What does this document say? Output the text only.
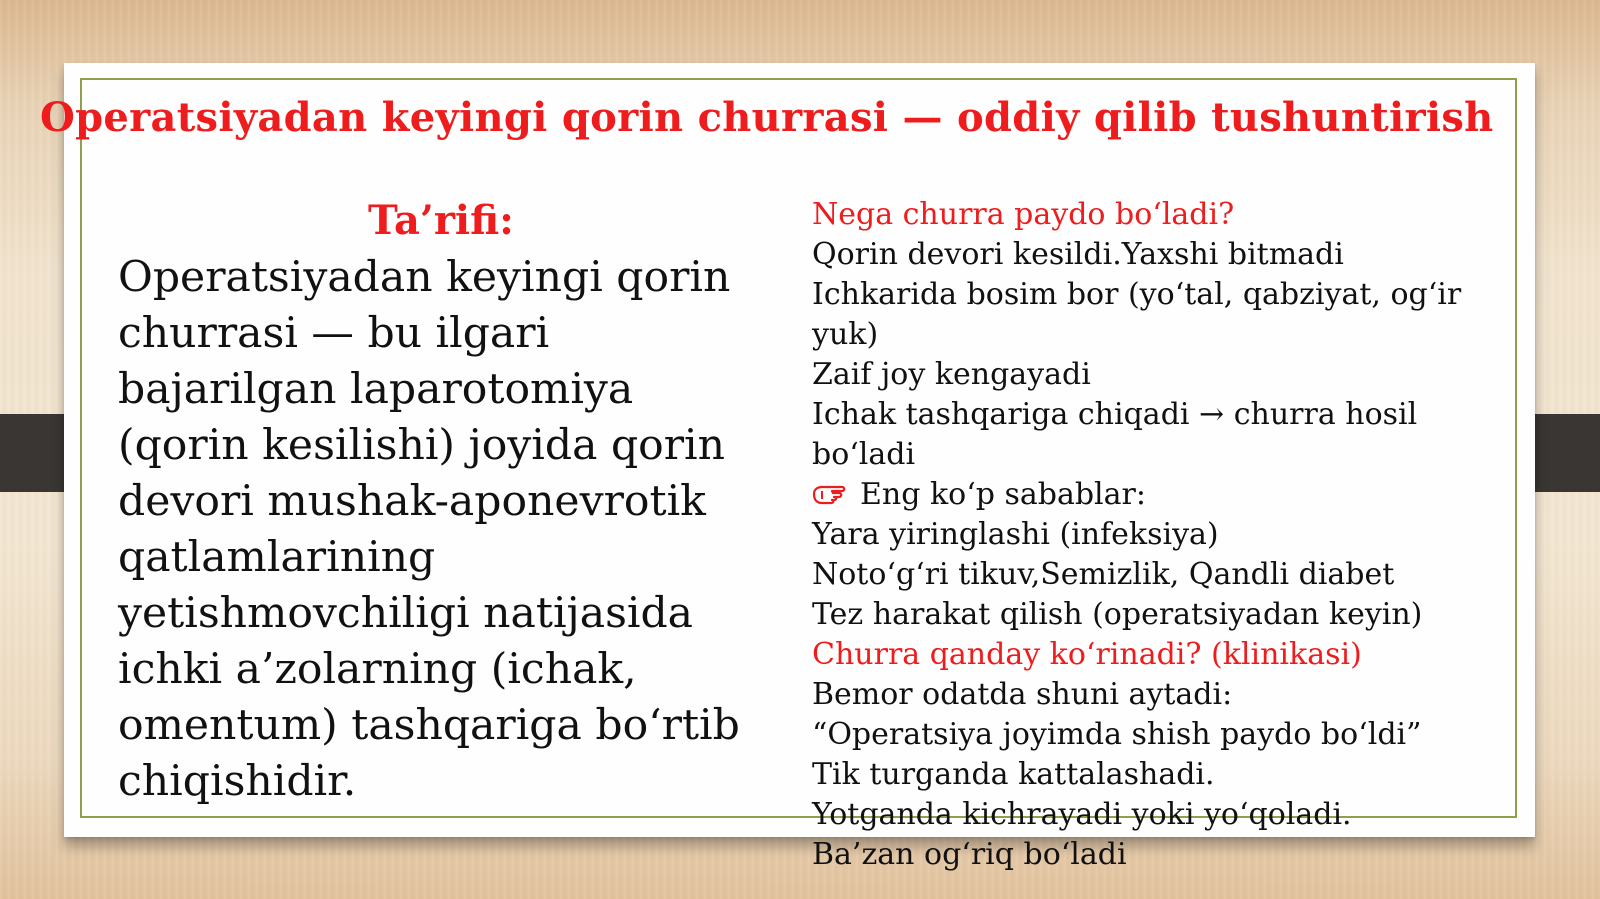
Operatsiyadan keyingi qorin churrasi — oddiy qilib tushuntirish
Ta’rifi:

Operatsiyadan keyingi qorin churrasi — bu ilgari bajarilgan laparotomiya (qorin kesilishi) joyida qorin devori mushak-aponevrotik qatlamlarining yetishmovchiligi natijasida ichki a’zolarning (ichak, omentum) tashqariga bo‘rtib chiqishidir.

Nega churra paydo bo‘ladi?
Qorin devori kesildi.Yaxshi bitmadi
Ichkarida bosim bor (yo‘tal, qabziyat, og‘ir yuk)
Zaif joy kengayadi
Ichak tashqariga chiqadi → churra hosil bo‘ladi
Eng ko‘p sabablar:
Yara yiringlashi (infeksiya)
Noto‘g‘ri tikuv,Semizlik, Qandli diabet
Tez harakat qilish (operatsiyadan keyin)
Churra qanday ko‘rinadi? (klinikasi)
Bemor odatda shuni aytadi:
“Operatsiya joyimda shish paydo bo‘ldi”
Tik turganda kattalashadi.
Yotganda kichrayadi yoki yo‘qoladi.
Ba’zan og‘riq bo‘ladi
